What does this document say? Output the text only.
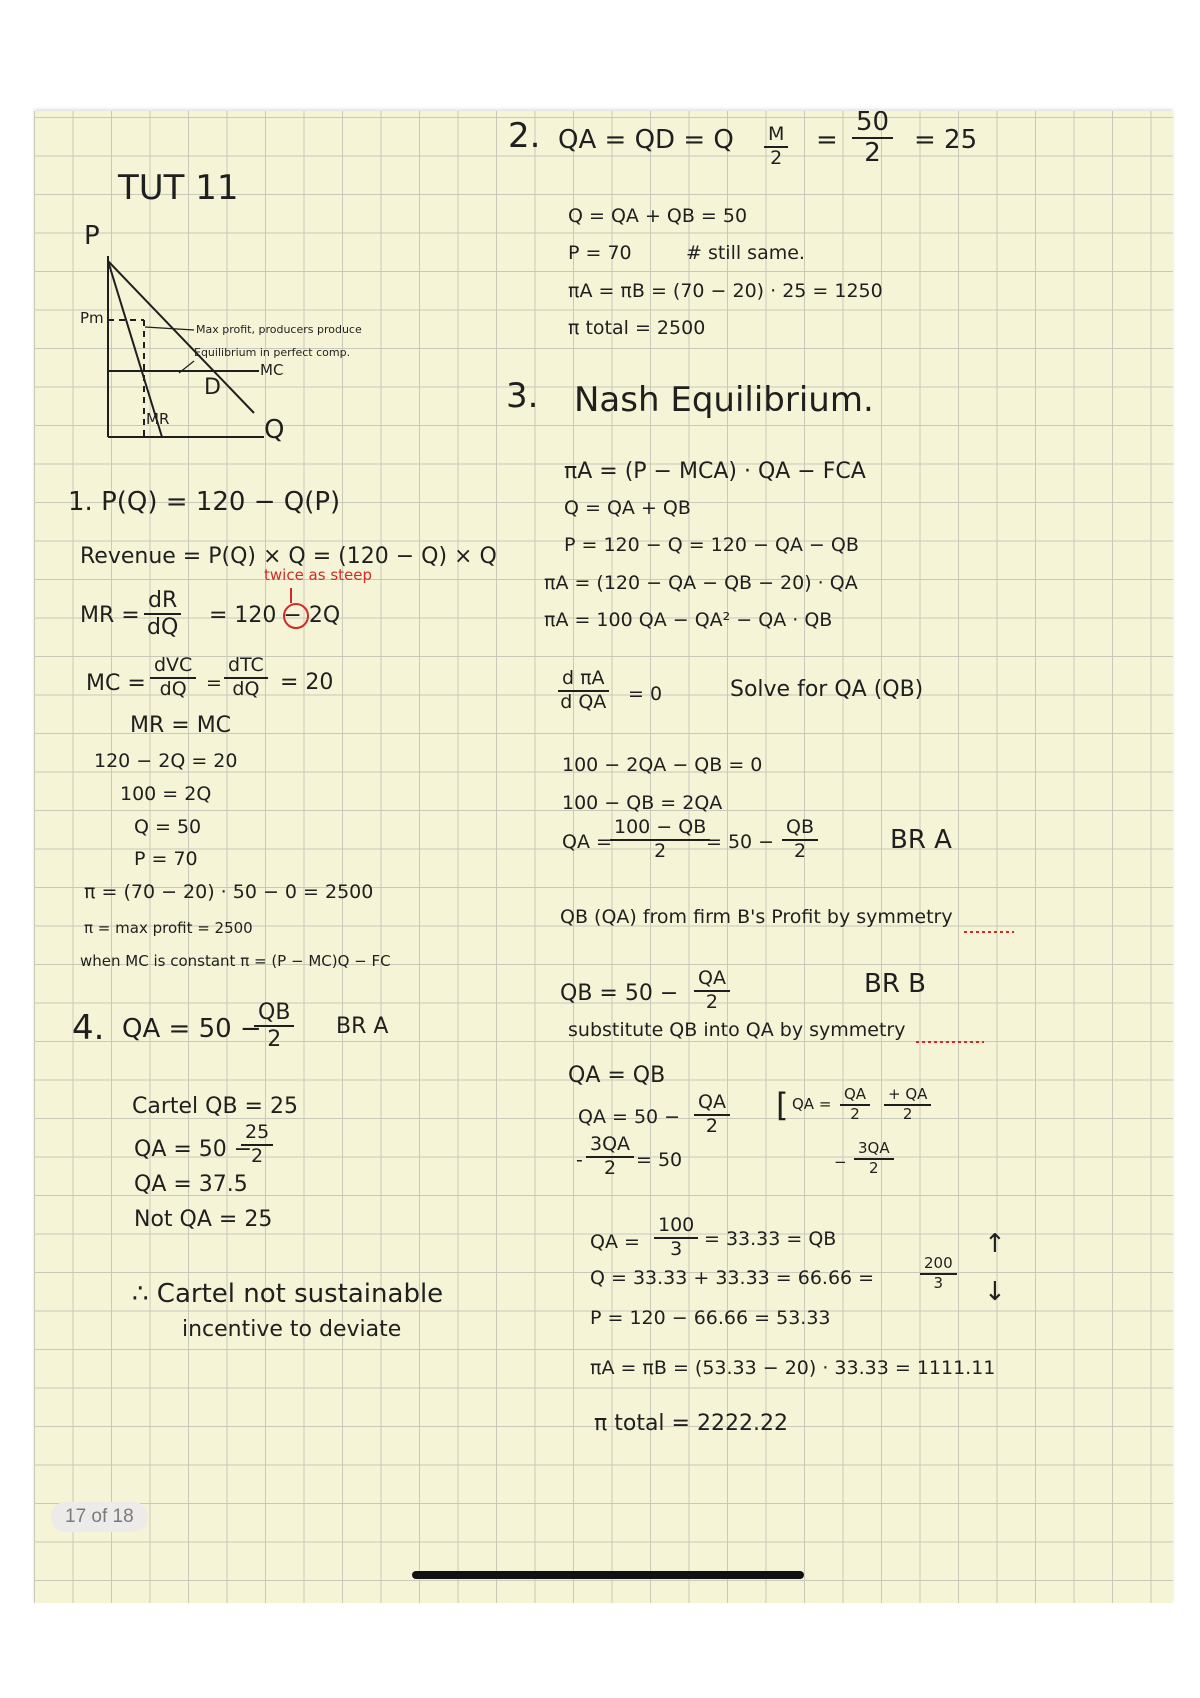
TUT 11
P
Pm
Max profit, producers produce
Equilibrium in perfect comp.
MC
D
MR	Q
1. P(Q) = 120 − Q(P)
Revenue = P(Q) × Q = (120 − Q) × Q
twice as steep
MR = $\frac{dR}{dQ} = 120 - 2Q$
MC =
dVC
dQ =
dTC
dQ = 20
MR = MC
120 − 2Q = 20
100 = 2Q
Q = 50
P = 70
π = (70 − 20) · 50 − 0 = 2500
π = max profit = 2500
when MC is constant π = (P − MC)Q − FC
4. QA = 50 −
$\frac{QB}{2}$ BR A
Cartel QB = 25
QA = 50 −
$\frac{25}{2}$
QA = 37.5
Not QA = 25
∴ Cartel not sustainable
incentive to deviate
2. QA = QD = Q $\frac{M}{2} = \frac{50}{2} = 25$
Q = QA + QB = 50
P = 70	# still same.
πA = πB = (70 − 20) · 25 = 1250
π total = 2500
3. Nash Equilibrium.
πA = (P − MCA) · QA − FCA
Q = QA + QB
P = 120 − Q = 120 − QA − QB
πA = (120 − QA − QB − 20) · QA
πA = 100 QA − QA² − QA · QB
$\frac{\text{d πA}}{\text{d QA}} = 0$	Solve for QA (QB)
100 − 2QA − QB = 0
100 − QB = 2QA
QA =
$\frac{100 - QB}{2}$
= $50 - \frac{QB}{2}$	BR A
QB (QA) from firm B's Profit by symmetry
QB = $50 - \frac{QA}{2}$	BR B
substitute QB into QA by symmetry
QA = QB
QA = $50 - \frac{QA}{2}$
- $\frac{3QA}{2} = 50$
[ QA = $\frac{QA}{2} \frac{+ QA}{2}$
− $\frac{3QA}{2}$
QA = $\frac{100}{3} = 33.33$ = QB
Q = 33.33 + 33.33 = 66.66 =	$\frac{200}{3}$
↑
↓
P = 120 − 66.66 = 53.33
πA = πB = (53.33 − 20) · 33.33 = 1111.11
π total = 2222.22
17 of 18
